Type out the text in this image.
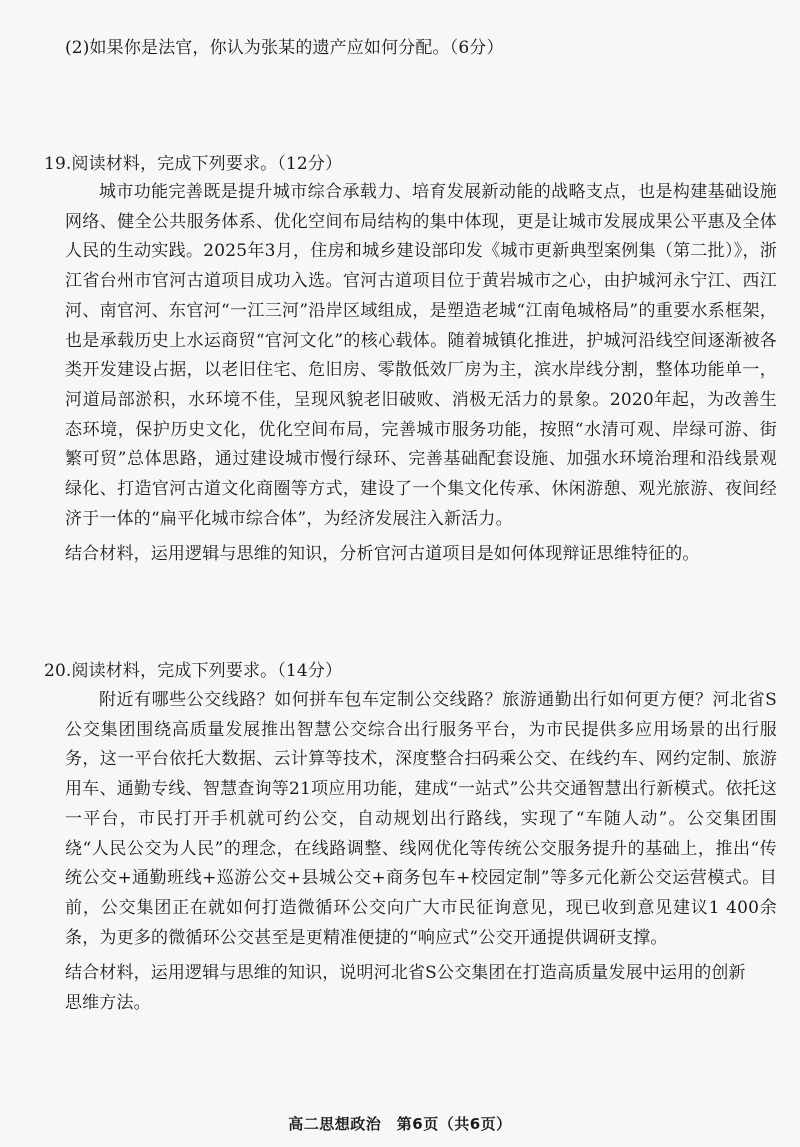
(2)如果你是法官，你认为张某的遗产应如何分配。（6分）
19.阅读材料，完成下列要求。（12分）
城市功能完善既是提升城市综合承载力、培育发展新动能的战略支点，也是构建基础设施网络、健全公共服务体系、优化空间布局结构的集中体现，更是让城市发展成果公平惠及全体人民的生动实践。2025年3月，住房和城乡建设部印发《城市更新典型案例集（第二批）》，浙江省台州市官河古道项目成功入选。官河古道项目位于黄岩城市之心，由护城河永宁江、西江河、南官河、东官河“一江三河”沿岸区域组成，是塑造老城“江南龟城格局”的重要水系框架，也是承载历史上水运商贸“官河文化”的核心载体。随着城镇化推进，护城河沿线空间逐渐被各类开发建设占据，以老旧住宅、危旧房、零散低效厂房为主，滨水岸线分割，整体功能单一，河道局部淤积，水环境不佳，呈现风貌老旧破败、消极无活力的景象。2020年起，为改善生态环境，保护历史文化，优化空间布局，完善城市服务功能，按照“水清可观、岸绿可游、街繁可贸”总体思路，通过建设城市慢行绿环、完善基础配套设施、加强水环境治理和沿线景观绿化、打造官河古道文化商圈等方式，建设了一个集文化传承、休闲游憩、观光旅游、夜间经济于一体的“扁平化城市综合体”，为经济发展注入新活力。
结合材料，运用逻辑与思维的知识，分析官河古道项目是如何体现辩证思维特征的。
20.阅读材料，完成下列要求。（14分）
附近有哪些公交线路？如何拼车包车定制公交线路？旅游通勤出行如何更方便？河北省S公交集团围绕高质量发展推出智慧公交综合出行服务平台，为市民提供多应用场景的出行服务，这一平台依托大数据、云计算等技术，深度整合扫码乘公交、在线约车、网约定制、旅游用车、通勤专线、智慧查询等21项应用功能，建成“一站式”公共交通智慧出行新模式。依托这一平台，市民打开手机就可约公交，自动规划出行路线，实现了“车随人动”。公交集团围绕“人民公交为人民”的理念，在线路调整、线网优化等传统公交服务提升的基础上，推出“传统公交+通勤班线+巡游公交+县城公交+商务包车+校园定制”等多元化新公交运营模式。目前，公交集团正在就如何打造微循环公交向广大市民征询意见，现已收到意见建议1 400余条，为更多的微循环公交甚至是更精准便捷的“响应式”公交开通提供调研支撑。
结合材料，运用逻辑与思维的知识，说明河北省S公交集团在打造高质量发展中运用的创新
思维方法。
高二思想政治　第6页（共6页）
